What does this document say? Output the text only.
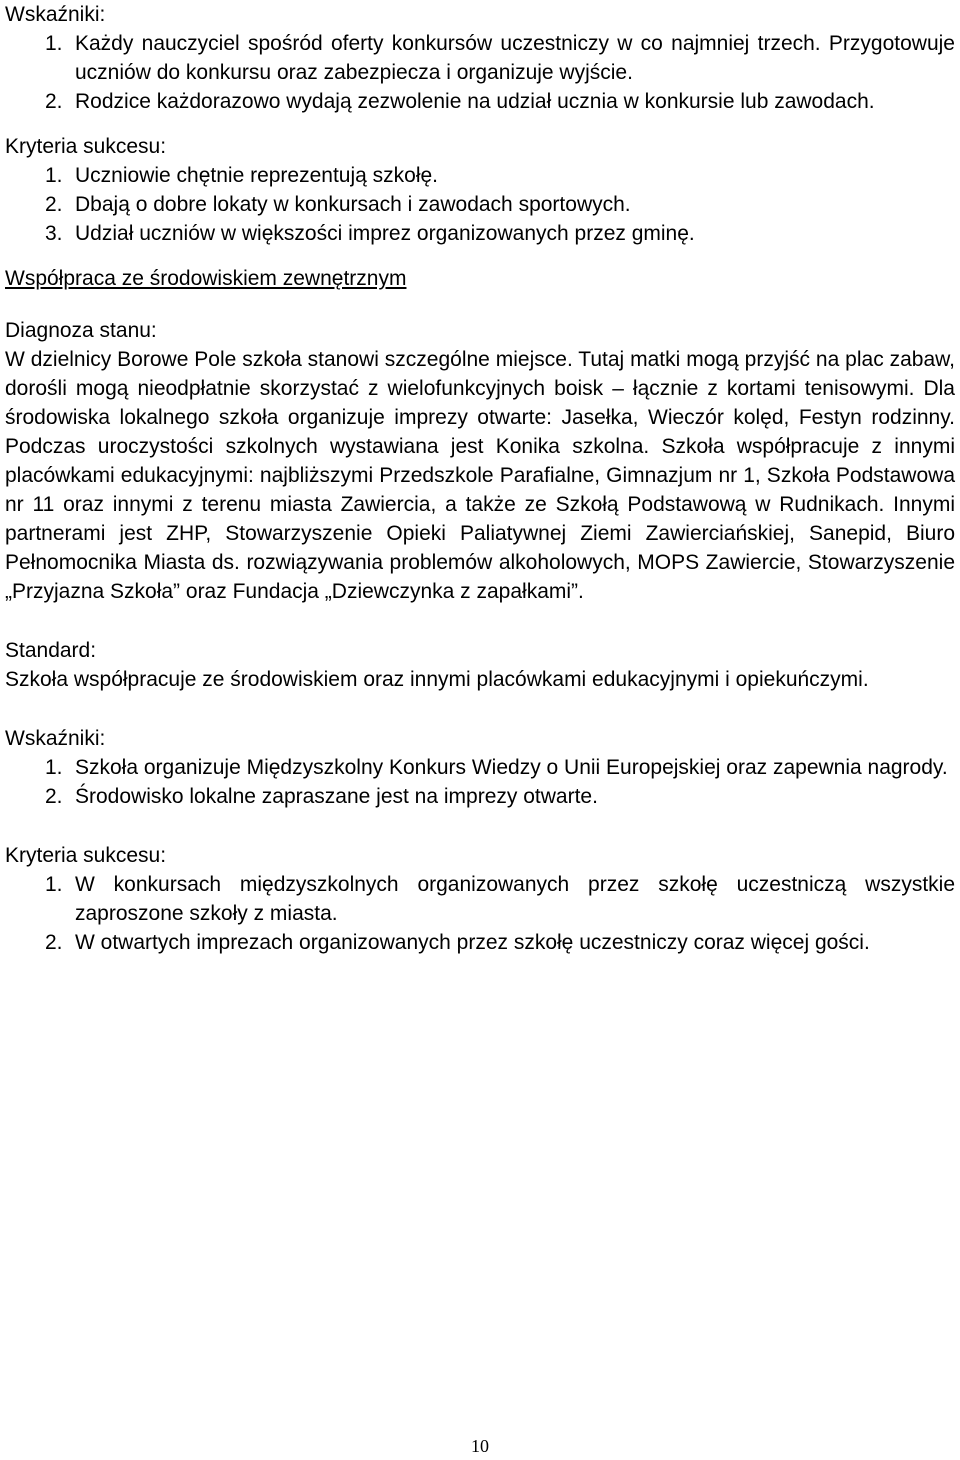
Wskaźniki:

1. Każdy nauczyciel spośród oferty konkursów uczestniczy w co najmniej trzech. Przygotowuje uczniów do konkursu oraz zabezpiecza i organizuje wyjście.
2. Rodzice każdorazowo wydają zezwolenie na udział ucznia w konkursie lub zawodach.

Kryteria sukcesu:

1. Uczniowie chętnie reprezentują szkołę.
2. Dbają o dobre lokaty w konkursach i zawodach sportowych.
3. Udział uczniów w większości imprez organizowanych przez gminę.

Współpraca ze środowiskiem zewnętrznym

Diagnoza stanu:

W dzielnicy Borowe Pole szkoła stanowi szczególne miejsce. Tutaj matki mogą przyjść na plac zabaw, dorośli mogą nieodpłatnie skorzystać z wielofunkcyjnych boisk – łącznie z kortami tenisowymi. Dla środowiska lokalnego szkoła organizuje imprezy otwarte: Jasełka, Wieczór kolęd, Festyn rodzinny. Podczas uroczystości szkolnych wystawiana jest Konika szkolna. Szkoła współpracuje z innymi placówkami edukacyjnymi: najbliższymi Przedszkole Parafialne, Gimnazjum nr 1, Szkoła Podstawowa nr 11 oraz innymi z terenu miasta Zawiercia, a także ze Szkołą Podstawową w Rudnikach. Innymi partnerami jest ZHP, Stowarzyszenie Opieki Paliatywnej Ziemi Zawierciańskiej, Sanepid, Biuro Pełnomocnika Miasta ds. rozwiązywania problemów alkoholowych, MOPS Zawiercie, Stowarzyszenie „Przyjazna Szkoła” oraz Fundacja „Dziewczynka z zapałkami”.

Standard:

Szkoła współpracuje ze środowiskiem oraz innymi placówkami edukacyjnymi i opiekuńczymi.

Wskaźniki:

1. Szkoła organizuje Międzyszkolny Konkurs Wiedzy o Unii Europejskiej oraz zapewnia nagrody.
2. Środowisko lokalne zapraszane jest na imprezy otwarte.

Kryteria sukcesu:

1. W konkursach międzyszkolnych organizowanych przez szkołę uczestniczą wszystkie zaproszone szkoły z miasta.
2. W otwartych imprezach organizowanych przez szkołę uczestniczy coraz więcej gości.
10
